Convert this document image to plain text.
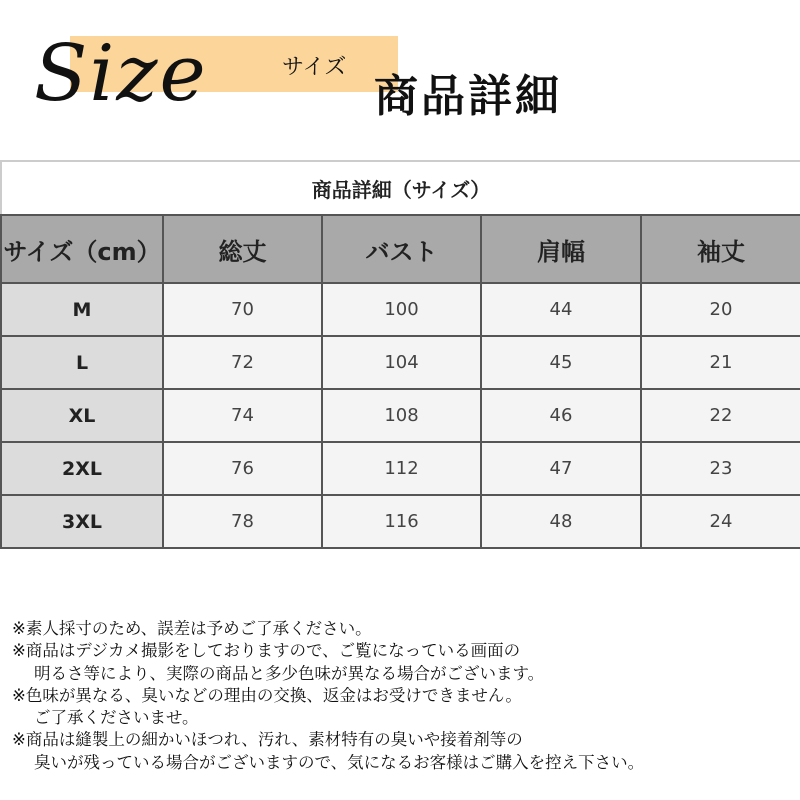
Size	サイズ
商品詳細
商品詳細（サイズ）				
サイズ（cm）	総丈	バスト	肩幅	袖丈
M	70	100	44	20
L	72	104	45	21
XL	74	108	46	22
2XL	76	112	47	23
3XL	78	116	48	24

※素人採寸のため、誤差は予めご了承ください。

※商品はデジカメ撮影をしておりますので、ご覧になっている画面の

明るさ等により、実際の商品と多少色味が異なる場合がございます。

※色味が異なる、臭いなどの理由の交換、返金はお受けできません。

ご了承くださいませ。

※商品は縫製上の細かいほつれ、汚れ、素材特有の臭いや接着剤等の

臭いが残っている場合がございますので、気になるお客様はご購入を控え下さい。
